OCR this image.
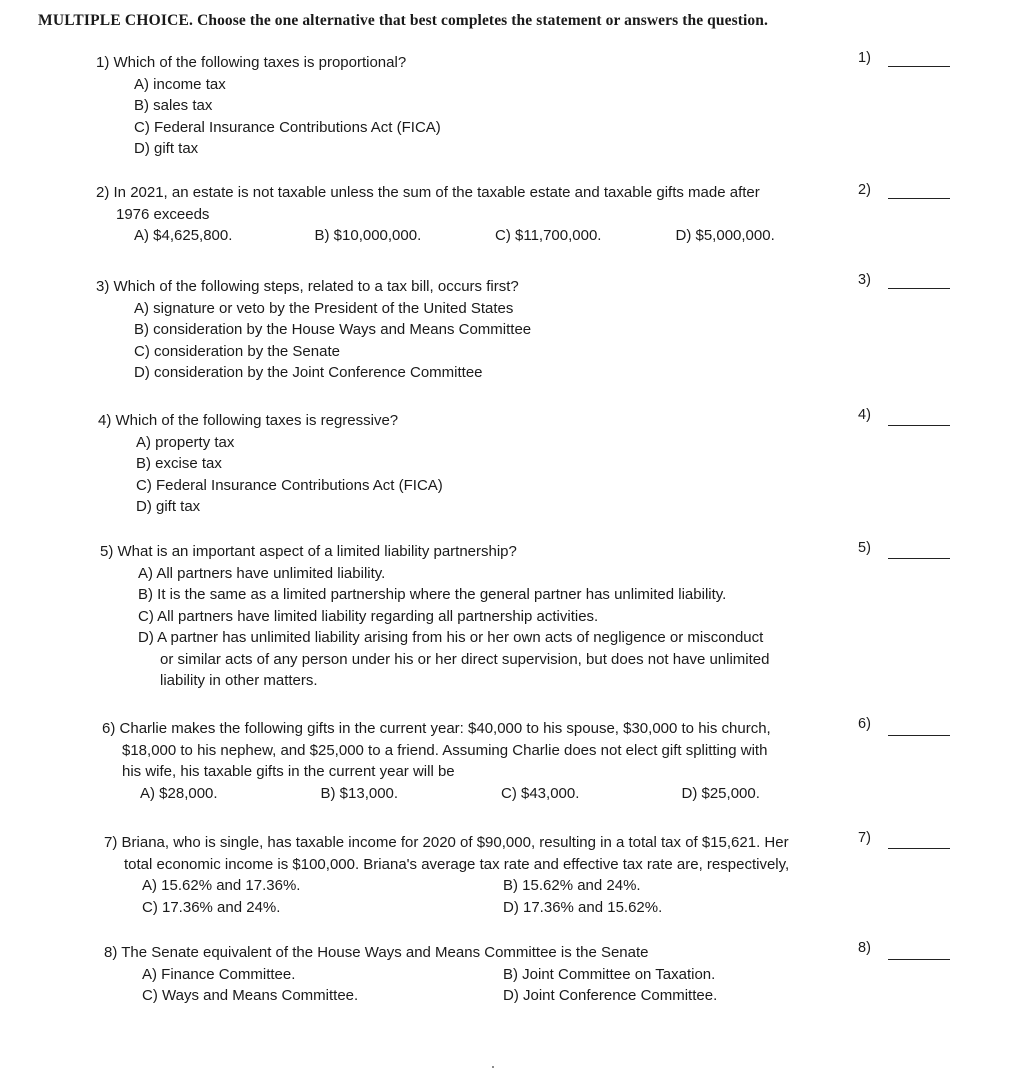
MULTIPLE CHOICE. Choose the one alternative that best completes the statement or answers the question.
1) Which of the following taxes is proportional?
A) income tax
B) sales tax
C) Federal Insurance Contributions Act (FICA)
D) gift tax
1)
2) In 2021, an estate is not taxable unless the sum of the taxable estate and taxable gifts made after
1976 exceeds
A) $4,625,800.	B) $10,000,000.	C) $11,700,000.	D) $5,000,000.
2)
3) Which of the following steps, related to a tax bill, occurs first?
A) signature or veto by the President of the United States
B) consideration by the House Ways and Means Committee
C) consideration by the Senate
D) consideration by the Joint Conference Committee
3)
4) Which of the following taxes is regressive?
A) property tax
B) excise tax
C) Federal Insurance Contributions Act (FICA)
D) gift tax
4)
5) What is an important aspect of a limited liability partnership?
A) All partners have unlimited liability.
B) It is the same as a limited partnership where the general partner has unlimited liability.
C) All partners have limited liability regarding all partnership activities.
D) A partner has unlimited liability arising from his or her own acts of negligence or misconduct
or similar acts of any person under his or her direct supervision, but does not have unlimited
liability in other matters.
5)
6) Charlie makes the following gifts in the current year: $40,000 to his spouse, $30,000 to his church,
$18,000 to his nephew, and $25,000 to a friend. Assuming Charlie does not elect gift splitting with
his wife, his taxable gifts in the current year will be
A) $28,000.	B) $13,000.	C) $43,000.	D) $25,000.
6)
7) Briana, who is single, has taxable income for 2020 of $90,000, resulting in a total tax of $15,621. Her
total economic income is $100,000. Briana's average tax rate and effective tax rate are, respectively,
A) 15.62% and 17.36%.	B) 15.62% and 24%.
C) 17.36% and 24%.	D) 17.36% and 15.62%.
7)
8) The Senate equivalent of the House Ways and Means Committee is the Senate
A) Finance Committee.	B) Joint Committee on Taxation.
C) Ways and Means Committee.	D) Joint Conference Committee.
8)
